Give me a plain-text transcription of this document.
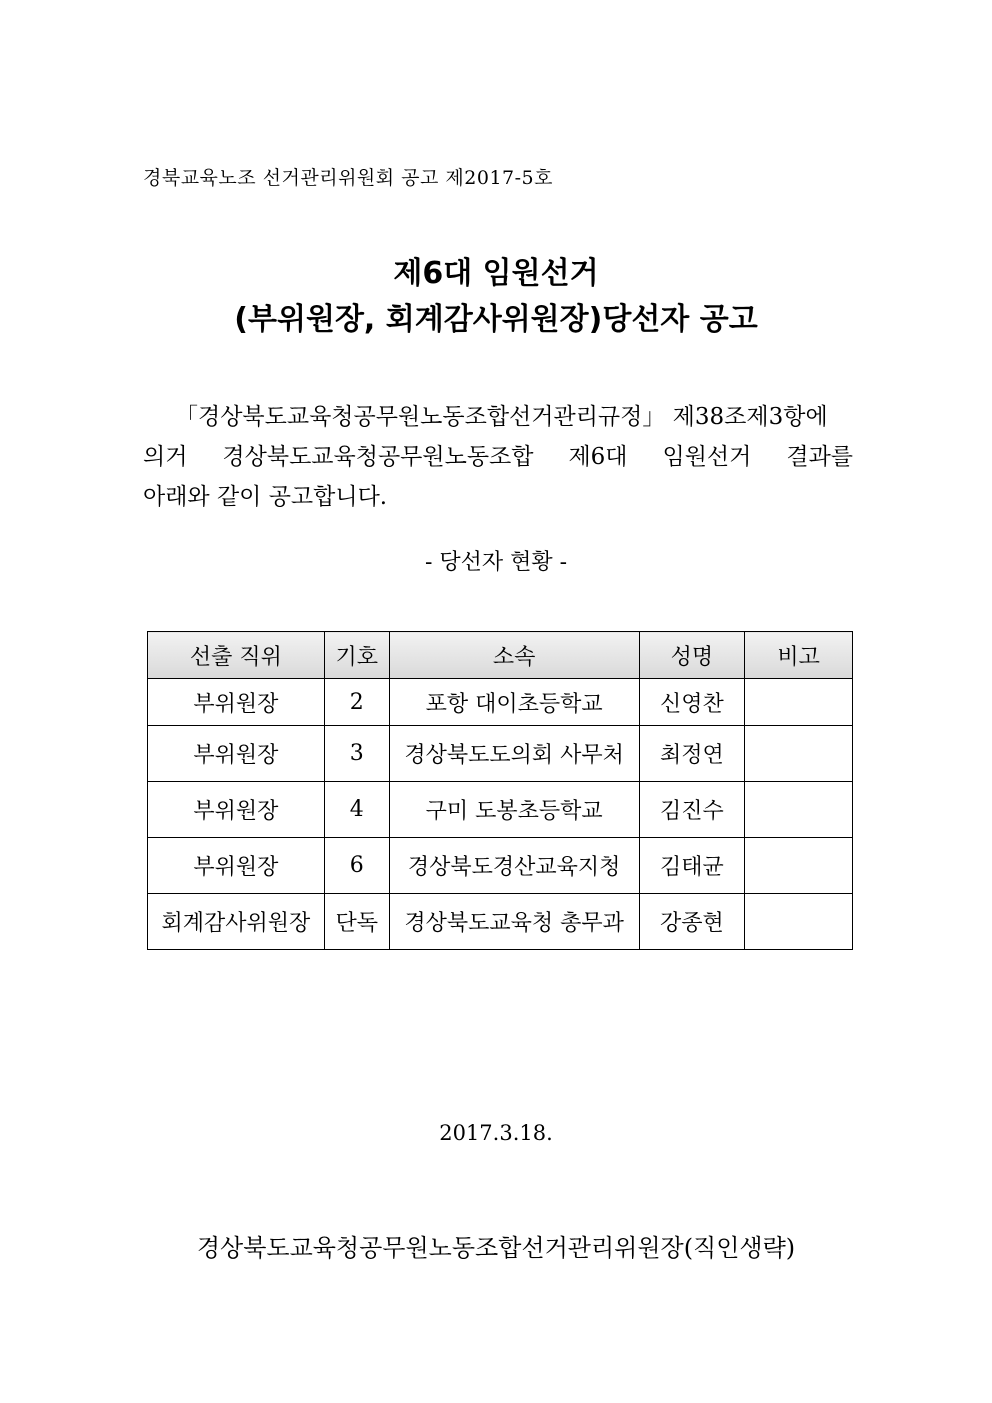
경북교육노조 선거관리위원회 공고 제2017-5호
제6대 임원선거
(부위원장, 회계감사위원장)당선자 공고
「경상북도교육청공무원노동조합선거관리규정」 제38조제3항에
의거 경상북도교육청공무원노동조합 제6대 임원선거 결과를
아래와 같이 공고합니다.
- 당선자 현황 -
선출 직위	기호	소속	성명	비고
부위원장	2	포항 대이초등학교	신영찬	
부위원장	3	경상북도도의회 사무처	최정연	
부위원장	4	구미 도봉초등학교	김진수	
부위원장	6	경상북도경산교육지청	김태균	
회계감사위원장	단독	경상북도교육청 총무과	강종현	
2017.3.18.
경상북도교육청공무원노동조합선거관리위원장(직인생략)
